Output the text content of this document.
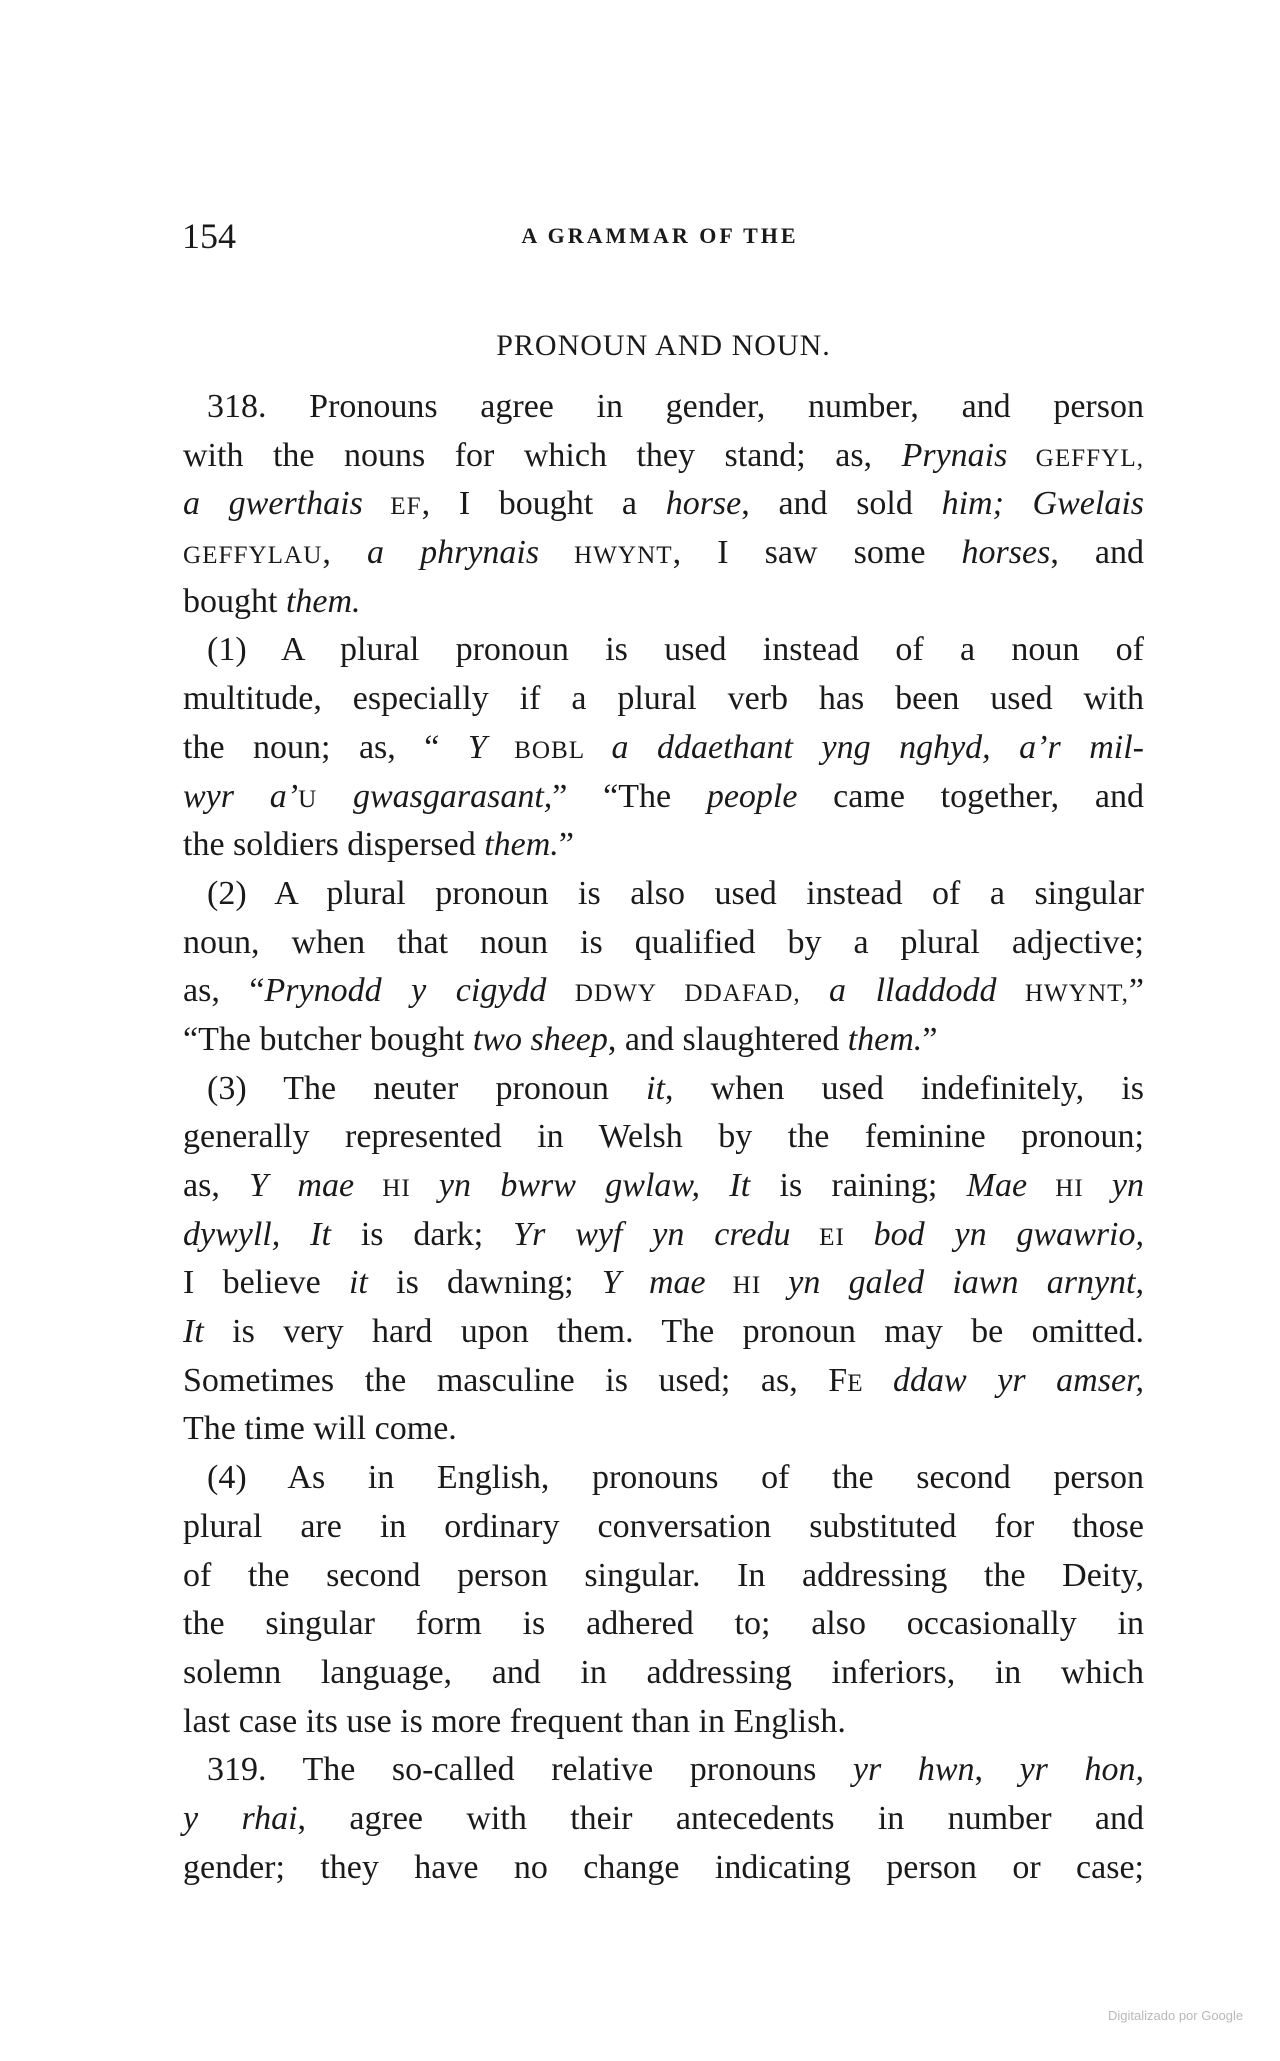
154	A GRAMMAR OF THE
PRONOUN AND NOUN.
318. Pronouns agree in gender, number, and person
with the nouns for which they stand; as, Prynais GEFFYL,
a gwerthais EF, I bought a horse, and sold him; Gwelais
GEFFYLAU, a phrynais HWYNT, I saw some horses, and
bought them.
(1) A plural pronoun is used instead of a noun of
multitude, especially if a plural verb has been used with
the noun; as, “ Y BOBL a ddaethant yng nghyd, a’r mil-
wyr a’U gwasgarasant,” “The people came together, and
the soldiers dispersed them.”
(2) A plural pronoun is also used instead of a singular
noun, when that noun is qualified by a plural adjective;
as, “Prynodd y cigydd DDWY DDAFAD, a lladdodd HWYNT,”
“The butcher bought two sheep, and slaughtered them.”
(3) The neuter pronoun it, when used indefinitely, is
generally represented in Welsh by the feminine pronoun;
as, Y mae HI yn bwrw gwlaw, It is raining; Mae HI yn
dywyll, It is dark; Yr wyf yn credu EI bod yn gwawrio,
I believe it is dawning; Y mae HI yn galed iawn arnynt,
It is very hard upon them. The pronoun may be omitted.
Sometimes the masculine is used; as, FE ddaw yr amser,
The time will come.
(4) As in English, pronouns of the second person
plural are in ordinary conversation substituted for those
of the second person singular. In addressing the Deity,
the singular form is adhered to; also occasionally in
solemn language, and in addressing inferiors, in which
last case its use is more frequent than in English.
319. The so-called relative pronouns yr hwn, yr hon,
y rhai, agree with their antecedents in number and
gender; they have no change indicating person or case;
Digitalizado por Google
